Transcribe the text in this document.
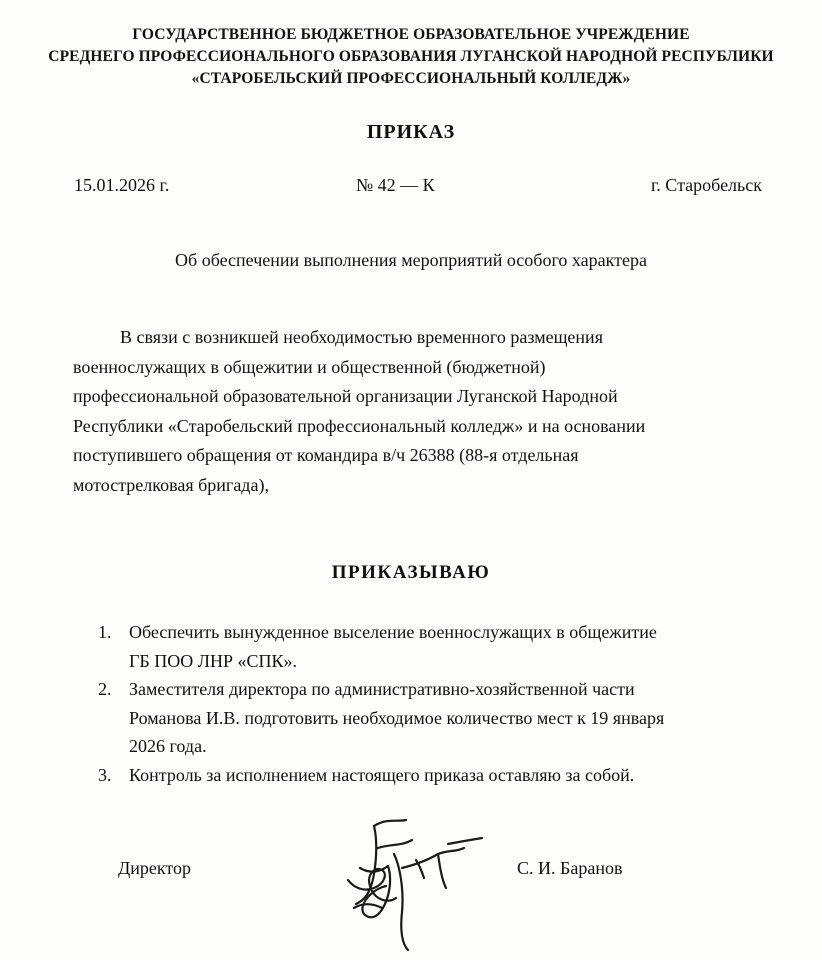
ГОСУДАРСТВЕННОЕ БЮДЖЕТНОЕ ОБРАЗОВАТЕЛЬНОЕ УЧРЕЖДЕНИЕ
СРЕДНЕГО ПРОФЕССИОНАЛЬНОГО ОБРАЗОВАНИЯ ЛУГАНСКОЙ НАРОДНОЙ РЕСПУБЛИКИ
«СТАРОБЕЛЬСКИЙ ПРОФЕССИОНАЛЬНЫЙ КОЛЛЕДЖ»
ПРИКАЗ
15.01.2026 г.	№ 42 — К	г. Старобельск
Об обеспечении выполнения мероприятий особого характера
В связи с возникшей необходимостью временного размещения
военнослужащих в общежитии и общественной (бюджетной)
профессиональной образовательной организации Луганской Народной
Республики «Старобельский профессиональный колледж» и на основании
поступившего обращения от командира в/ч 26388 (88-я отдельная
мотострелковая бригада),
ПРИКАЗЫВАЮ
1. Обеспечить вынужденное выселение военнослужащих в общежитие
ГБ ПОО ЛНР «СПК».
2. Заместителя директора по административно-хозяйственной части
Романова И.В. подготовить необходимое количество мест к 19 января
2026 года.
3. Контроль за исполнением настоящего приказа оставляю за собой.
Директор	С. И. Баранов
